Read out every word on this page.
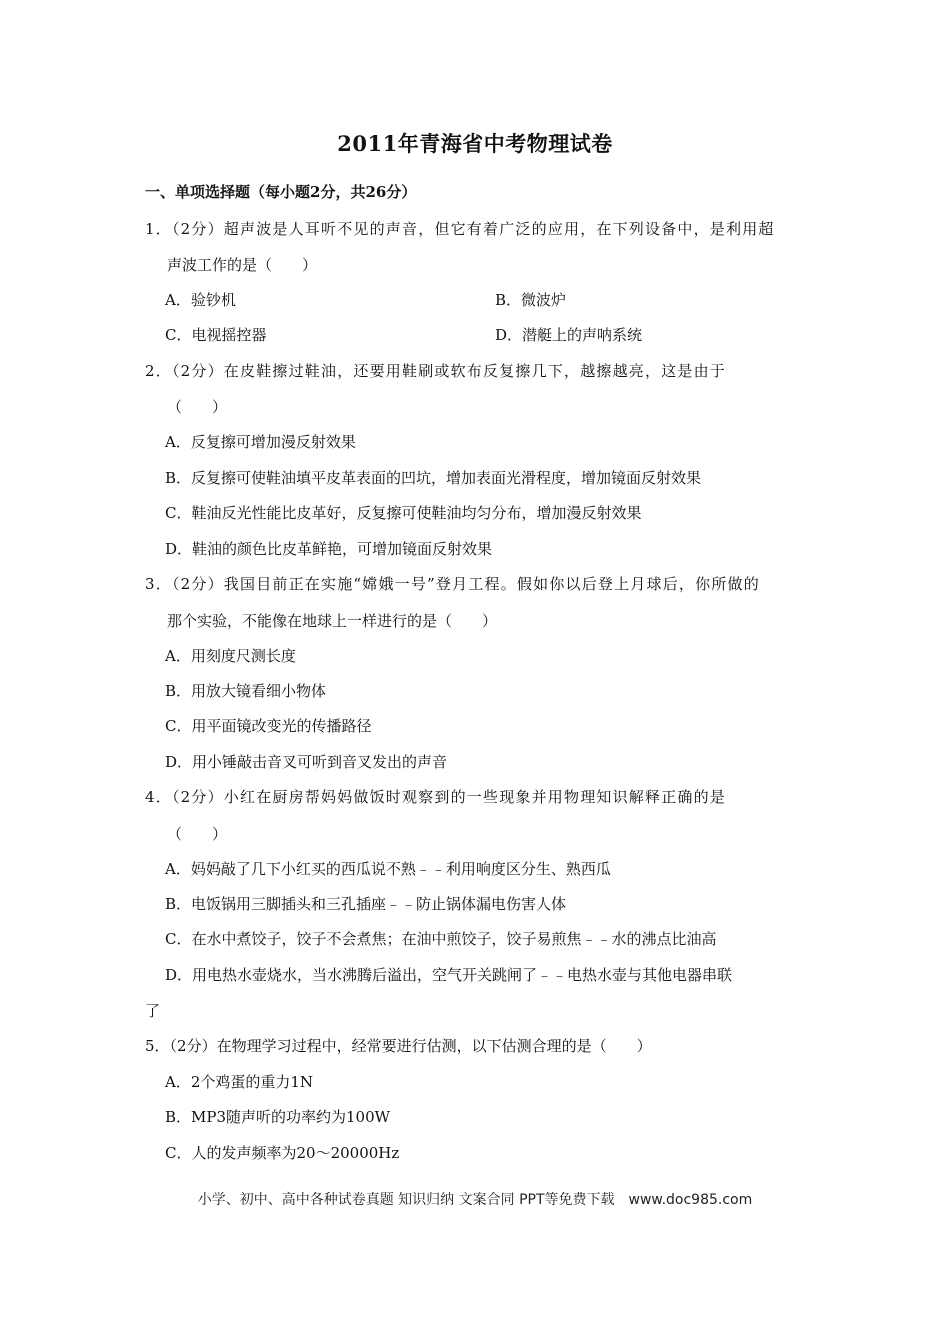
2011年青海省中考物理试卷
一、单项选择题（每小题2分，共26分）
1．（2分）超声波是人耳听不见的声音，但它有着广泛的应用，在下列设备中，是利用超
声波工作的是（　　）
A．验钞机	B．微波炉
C．电视摇控器	D．潜艇上的声呐系统
2．（2分）在皮鞋擦过鞋油，还要用鞋刷或软布反复擦几下，越擦越亮，这是由于
（　　）
A．反复擦可增加漫反射效果
B．反复擦可使鞋油填平皮革表面的凹坑，增加表面光滑程度，增加镜面反射效果
C．鞋油反光性能比皮革好，反复擦可使鞋油均匀分布，增加漫反射效果
D．鞋油的颜色比皮革鲜艳，可增加镜面反射效果
3．（2分）我国目前正在实施“嫦娥一号”登月工程。假如你以后登上月球后，你所做的
那个实验，不能像在地球上一样进行的是（　　）
A．用刻度尺测长度
B．用放大镜看细小物体
C．用平面镜改变光的传播路径
D．用小锤敲击音叉可听到音叉发出的声音
4．（2分）小红在厨房帮妈妈做饭时观察到的一些现象并用物理知识解释正确的是
（　　）
A．妈妈敲了几下小红买的西瓜说不熟﹣﹣利用响度区分生、熟西瓜
B．电饭锅用三脚插头和三孔插座﹣﹣防止锅体漏电伤害人体
C．在水中煮饺子，饺子不会煮焦；在油中煎饺子，饺子易煎焦﹣﹣水的沸点比油高
D．用电热水壶烧水，当水沸腾后溢出，空气开关跳闸了﹣﹣电热水壶与其他电器串联
了
5．（2分）在物理学习过程中，经常要进行估测，以下估测合理的是（　　）
A．2个鸡蛋的重力1N
B．MP3随声听的功率约为100W
C．人的发声频率为20～20000Hz
小学、初中、高中各种试卷真题 知识归纳 文案合同 PPT等免费下载　www.doc985.com
